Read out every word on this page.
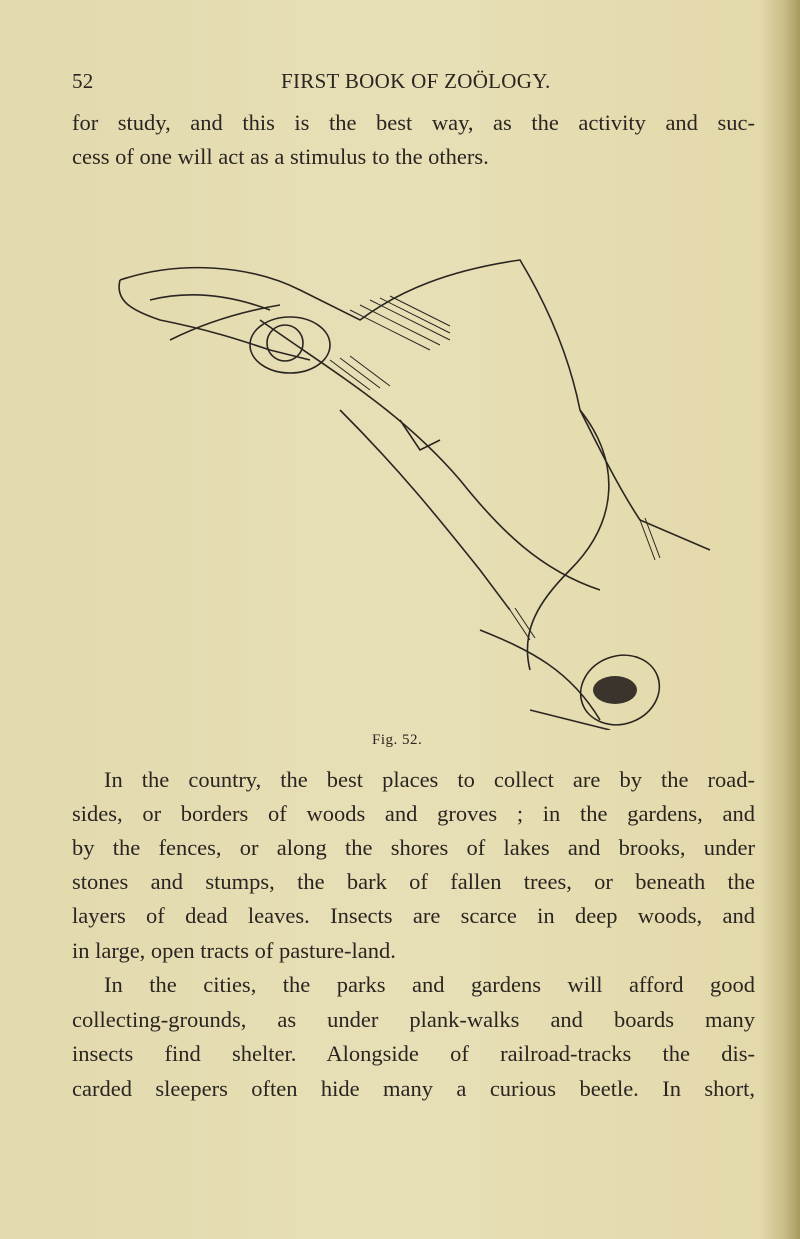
52	FIRST BOOK OF ZOÖLOGY.
for study, and this is the best way, as the activity and suc-
cess of one will act as a stimulus to the others.
Fig. 52.
In the country, the best places to collect are by the road-
sides, or borders of woods and groves ; in the gardens, and
by the fences, or along the shores of lakes and brooks, under
stones and stumps, the bark of fallen trees, or beneath the
layers of dead leaves. Insects are scarce in deep woods, and
in large, open tracts of pasture-land.
In the cities, the parks and gardens will afford good
collecting-grounds, as under plank-walks and boards many
insects find shelter. Alongside of railroad-tracks the dis-
carded sleepers often hide many a curious beetle. In short,
